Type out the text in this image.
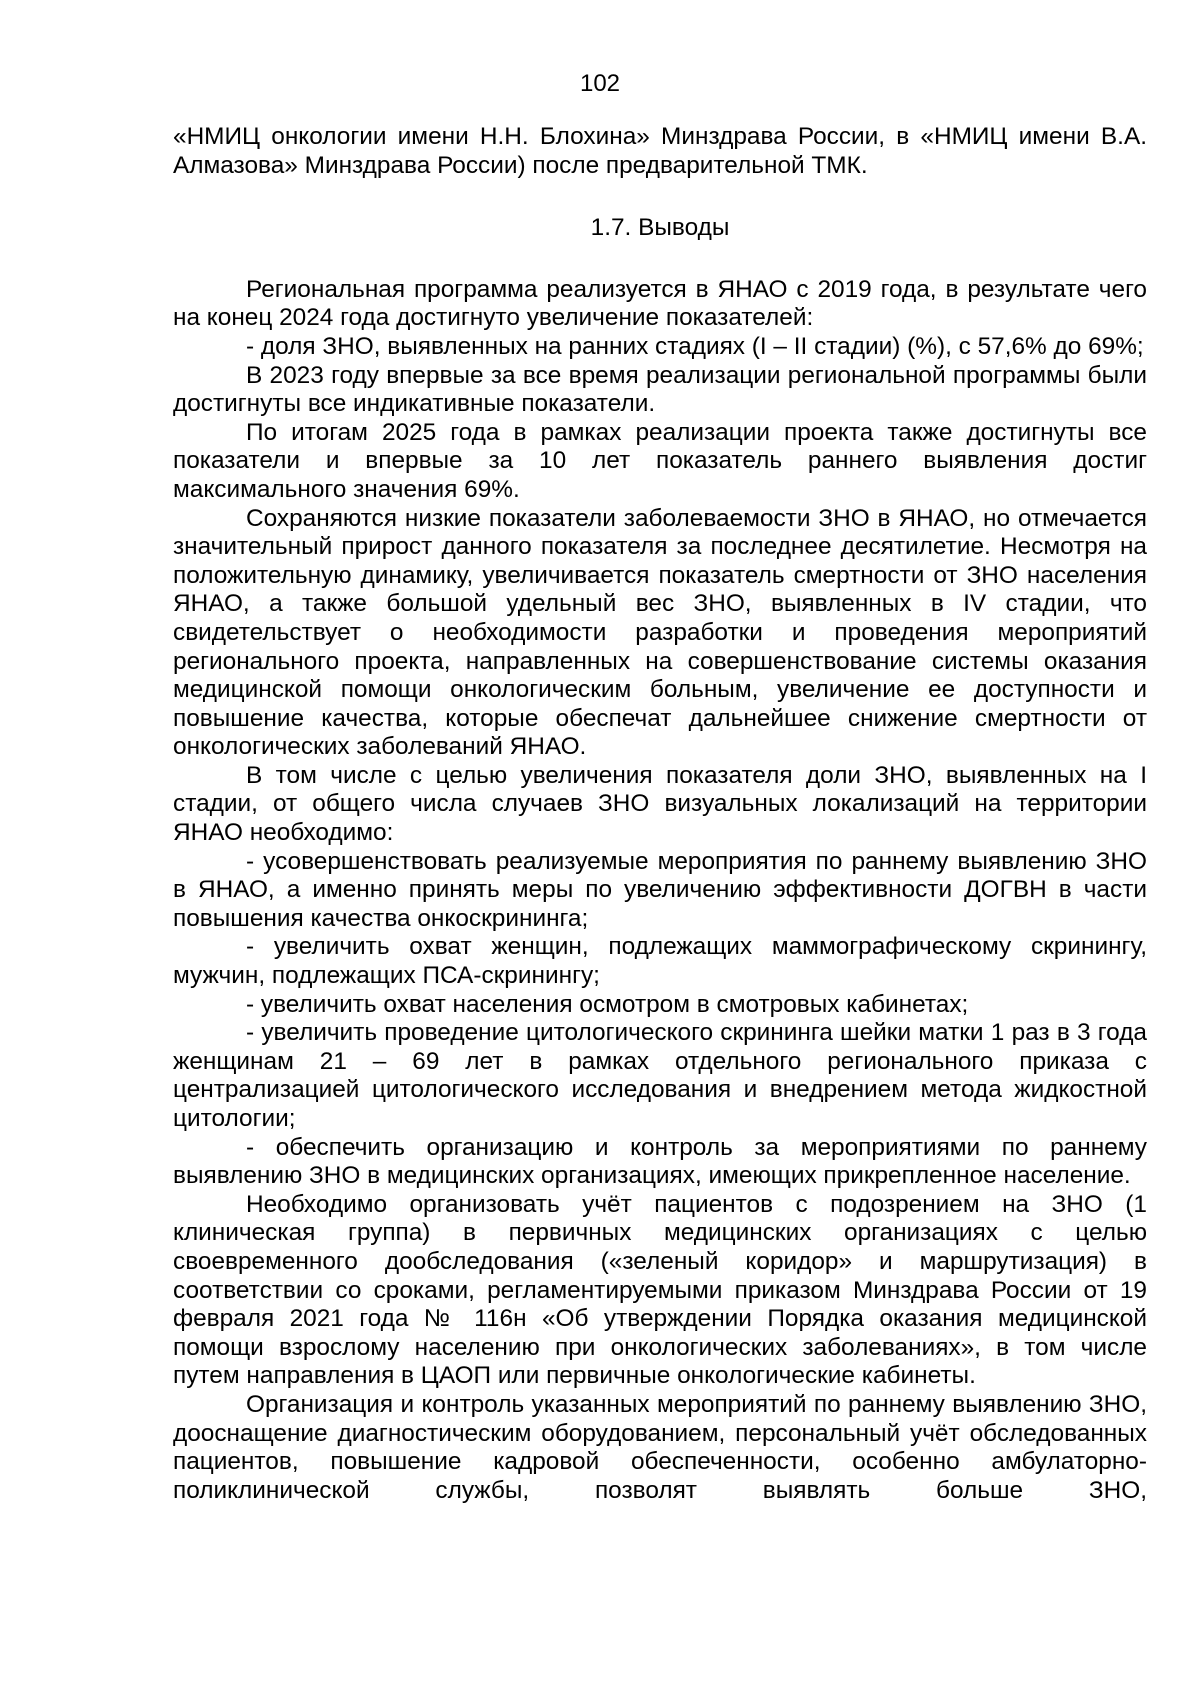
102

«НМИЦ онкологии имени Н.Н. Блохина» Минздрава России, в «НМИЦ имени В.А. Алмазова» Минздрава России) после предварительной ТМК.

1.7. Выводы

Региональная программа реализуется в ЯНАО с 2019 года, в результате чего на конец 2024 года достигнуто увеличение показателей:

- доля ЗНО, выявленных на ранних стадиях (I – II стадии) (%), с 57,6% до 69%;

В 2023 году впервые за все время реализации региональной программы были достигнуты все индикативные показатели.

По итогам 2025 года в рамках реализации проекта также достигнуты все показатели и впервые за 10 лет показатель раннего выявления достиг максимального значения 69%.

Сохраняются низкие показатели заболеваемости ЗНО в ЯНАО, но отмечается значительный прирост данного показателя за последнее десятилетие. Несмотря на положительную динамику, увеличивается показатель смертности от ЗНО населения ЯНАО, а также большой удельный вес ЗНО, выявленных в IV стадии, что свидетельствует о необходимости разработки и проведения мероприятий регионального проекта, направленных на совершенствование системы оказания медицинской помощи онкологическим больным, увеличение ее доступности и повышение качества, которые обеспечат дальнейшее снижение смертности от онкологических заболеваний ЯНАО.

В том числе с целью увеличения показателя доли ЗНО, выявленных на I стадии, от общего числа случаев ЗНО визуальных локализаций на территории ЯНАО необходимо:

- усовершенствовать реализуемые мероприятия по раннему выявлению ЗНО в ЯНАО, а именно принять меры по увеличению эффективности ДОГВН в части повышения качества онкоскрининга;

- увеличить охват женщин, подлежащих маммографическому скринингу, мужчин, подлежащих ПСА-скринингу;

- увеличить охват населения осмотром в смотровых кабинетах;

- увеличить проведение цитологического скрининга шейки матки 1 раз в 3 года женщинам 21 – 69 лет в рамках отдельного регионального приказа с централизацией цитологического исследования и внедрением метода жидкостной цитологии;

- обеспечить организацию и контроль за мероприятиями по раннему выявлению ЗНО в медицинских организациях, имеющих прикрепленное население.

Необходимо организовать учёт пациентов с подозрением на ЗНО (1 клиническая группа) в первичных медицинских организациях с целью своевременного дообследования («зеленый коридор» и маршрутизация) в соответствии со сроками, регламентируемыми приказом Минздрава России от 19 февраля 2021 года № 116н «Об утверждении Порядка оказания медицинской помощи взрослому населению при онкологических заболеваниях», в том числе путем направления в ЦАОП или первичные онкологические кабинеты.

Организация и контроль указанных мероприятий по раннему выявлению ЗНО, дооснащение диагностическим оборудованием, персональный учёт обследованных пациентов, повышение кадровой обеспеченности, особенно амбулаторно-поликлинической службы, позволят выявлять больше ЗНО,
